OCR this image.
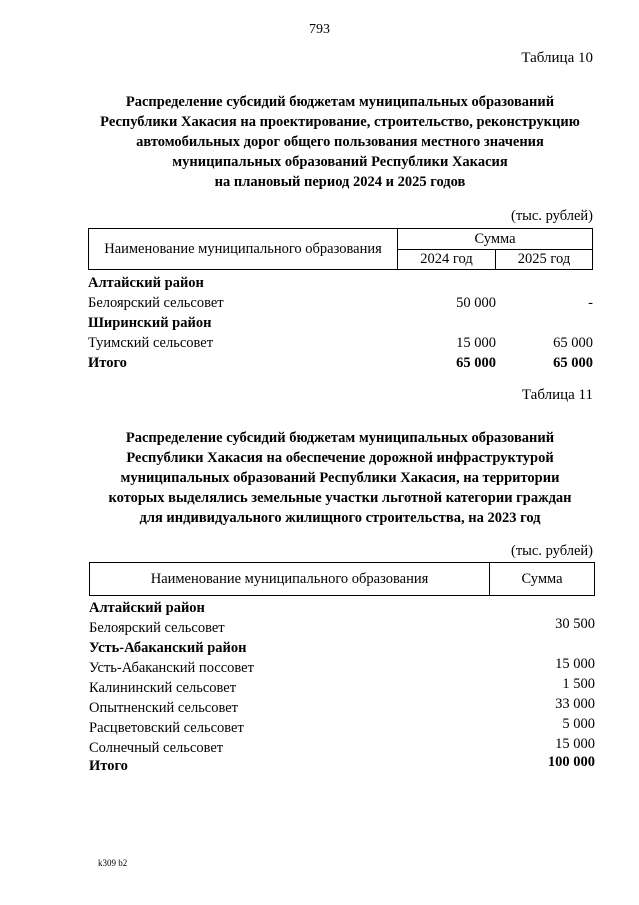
793
Таблица 10
Распределение субсидий бюджетам муниципальных образований
Республики Хакасия на проектирование, строительство, реконструкцию
автомобильных дорог общего пользования местного значения
муниципальных образований Республики Хакасия
на плановый период 2024 и 2025 годов
(тыс. рублей)
Наименование муниципального образования
Сумма
2024 год	2025 год
Алтайский район
Белоярский сельсовет	50 000	-
Ширинский район
Туимский сельсовет	15 000	65 000
Итого	65 000	65 000
Таблица 11
Распределение субсидий бюджетам муниципальных образований
Республики Хакасия на обеспечение дорожной инфраструктурой
муниципальных образований Республики Хакасия, на территории
которых выделялись земельные участки льготной категории граждан
для индивидуального жилищного строительства, на 2023 год
(тыс. рублей)
Наименование муниципального образования	Сумма
Алтайский район
Белоярский сельсовет	30 500
Усть-Абаканский район
Усть-Абаканский поссовет	15 000
Калининский сельсовет	1 500
Опытненский сельсовет	33 000
Расцветовский сельсовет	5 000
Солнечный сельсовет	15 000
Итого	100 000
k309 b2
